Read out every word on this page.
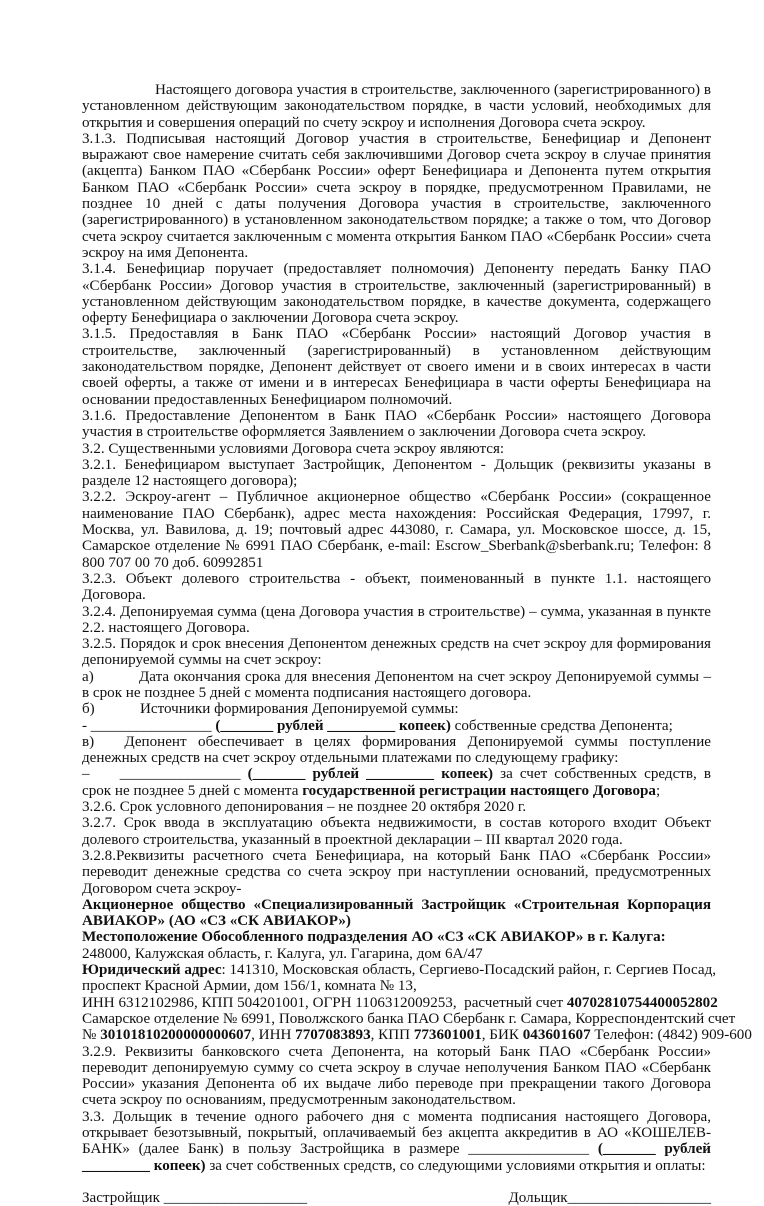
Настоящего договора участия в строительстве, заключенного (зарегистрированного) в установленном действующим законодательством порядке, в части условий, необходимых для открытия и совершения операций по счету эскроу и исполнения Договора счета эскроу.

3.1.3. Подписывая настоящий Договор участия в строительстве, Бенефициар и Депонент выражают свое намерение считать себя заключившими Договор счета эскроу в случае принятия (акцепта) Банком ПАО «Сбербанк России» оферт Бенефициара и Депонента путем открытия Банком ПАО «Сбербанк России» счета эскроу в порядке, предусмотренном Правилами, не позднее 10 дней с даты получения Договора участия в строительстве, заключенного (зарегистрированного) в установленном законодательством порядке; а также о том, что Договор счета эскроу считается заключенным с момента открытия Банком ПАО «Сбербанк России» счета эскроу на имя Депонента.

3.1.4. Бенефициар поручает (предоставляет полномочия) Депоненту передать Банку ПАО «Сбербанк России» Договор участия в строительстве, заключенный (зарегистрированный) в установленном действующим законодательством порядке, в качестве документа, содержащего оферту Бенефициара о заключении Договора счета эскроу.

3.1.5. Предоставляя в Банк ПАО «Сбербанк России» настоящий Договор участия в строительстве, заключенный (зарегистрированный) в установленном действующим законодательством порядке, Депонент действует от своего имени и в своих интересах в части своей оферты, а также от имени и в интересах Бенефициара в части оферты Бенефициара на основании предоставленных Бенефициаром полномочий.

3.1.6. Предоставление Депонентом в Банк ПАО «Сбербанк России» настоящего Договора участия в строительстве оформляется Заявлением о заключении Договора счета эскроу.

3.2. Существенными условиями Договора счета эскроу являются:

3.2.1. Бенефициаром выступает Застройщик, Депонентом - Дольщик (реквизиты указаны в разделе 12 настоящего договора);

3.2.2. Эскроу-агент – Публичное акционерное общество «Сбербанк России» (сокращенное наименование ПАО Сбербанк), адрес места нахождения: Российская Федерация, 17997, г. Москва, ул. Вавилова, д. 19; почтовый адрес 443080, г. Самара, ул. Московское шоссе, д. 15, Самарское отделение № 6991 ПАО Сбербанк, e-mail: Escrow_Sberbank@sberbank.ru; Телефон: 8 800 707 00 70 доб. 60992851

3.2.3. Объект долевого строительства - объект, поименованный в пункте 1.1. настоящего Договора.

3.2.4. Депонируемая сумма (цена Договора участия в строительстве) – сумма, указанная в пункте 2.2. настоящего Договора.

3.2.5. Порядок и срок внесения Депонентом денежных средств на счет эскроу для формирования депонируемой суммы на счет эскроу:

а)   Дата окончания срока для внесения Депонентом на счет эскроу Депонируемой суммы – в срок не позднее 5 дней с момента подписания настоящего договора.

б)   Источники формирования Депонируемой суммы:

- ________________ (_______ рублей _________ копеек) собственные средства Депонента;

в)  Депонент обеспечивает в целях формирования Депонируемой суммы поступление денежных средств на счет эскроу отдельными платежами по следующему графику:

–  ________________ (_______ рублей _________ копеек) за счет собственных средств, в срок не позднее 5 дней с момента государственной регистрации настоящего Договора;

3.2.6. Срок условного депонирования – не позднее 20 октября 2020 г.

3.2.7. Срок ввода в эксплуатацию объекта недвижимости, в состав которого входит Объект долевого строительства, указанный в проектной декларации – III квартал 2020 года.

3.2.8.Реквизиты расчетного счета Бенефициара, на который Банк ПАО «Сбербанк России» переводит денежные средства со счета эскроу при наступлении оснований, предусмотренных Договором счета эскроу-

Акционерное общество «Специализированный Застройщик «Строительная Корпорация АВИАКОР» (АО «СЗ «СК АВИАКОР»)

Местоположение Обособленного подразделения АО «СЗ «СК АВИАКОР» в г. Калуга:

248000, Калужская область, г. Калуга, ул. Гагарина, дом 6А/47

Юридический адрес: 141310, Московская область, Сергиево-Посадский район, г. Сергиев Посад,

проспект Красной Армии, дом 156/1, комната № 13,

ИНН 6312102986, КПП 504201001, ОГРН 1106312009253,  расчетный счет 40702810754400052802

Самарское отделение № 6991, Поволжского банка ПАО Сбербанк г. Самара, Корреспондентский счет

№ 30101810200000000607, ИНН 7707083893, КПП 773601001, БИК 043601607 Телефон: (4842) 909-600

3.2.9. Реквизиты банковского счета Депонента, на который Банк ПАО «Сбербанк России» переводит депонируемую сумму со счета эскроу в случае неполучения Банком ПАО «Сбербанк России» указания Депонента об их выдаче либо переводе при прекращении такого Договора счета эскроу по основаниям, предусмотренным законодательством.

3.3. Дольщик в течение одного рабочего дня с момента подписания настоящего Договора, открывает безотзывный, покрытый, оплачиваемый без акцепта аккредитив в АО «КОШЕЛЕВ-БАНК» (далее Банк) в пользу Застройщика в размере ________________ (_______ рублей _________ копеек) за счет собственных средств, со следующими условиями открытия и оплаты:

Застройщик ___________________	Дольщик___________________
